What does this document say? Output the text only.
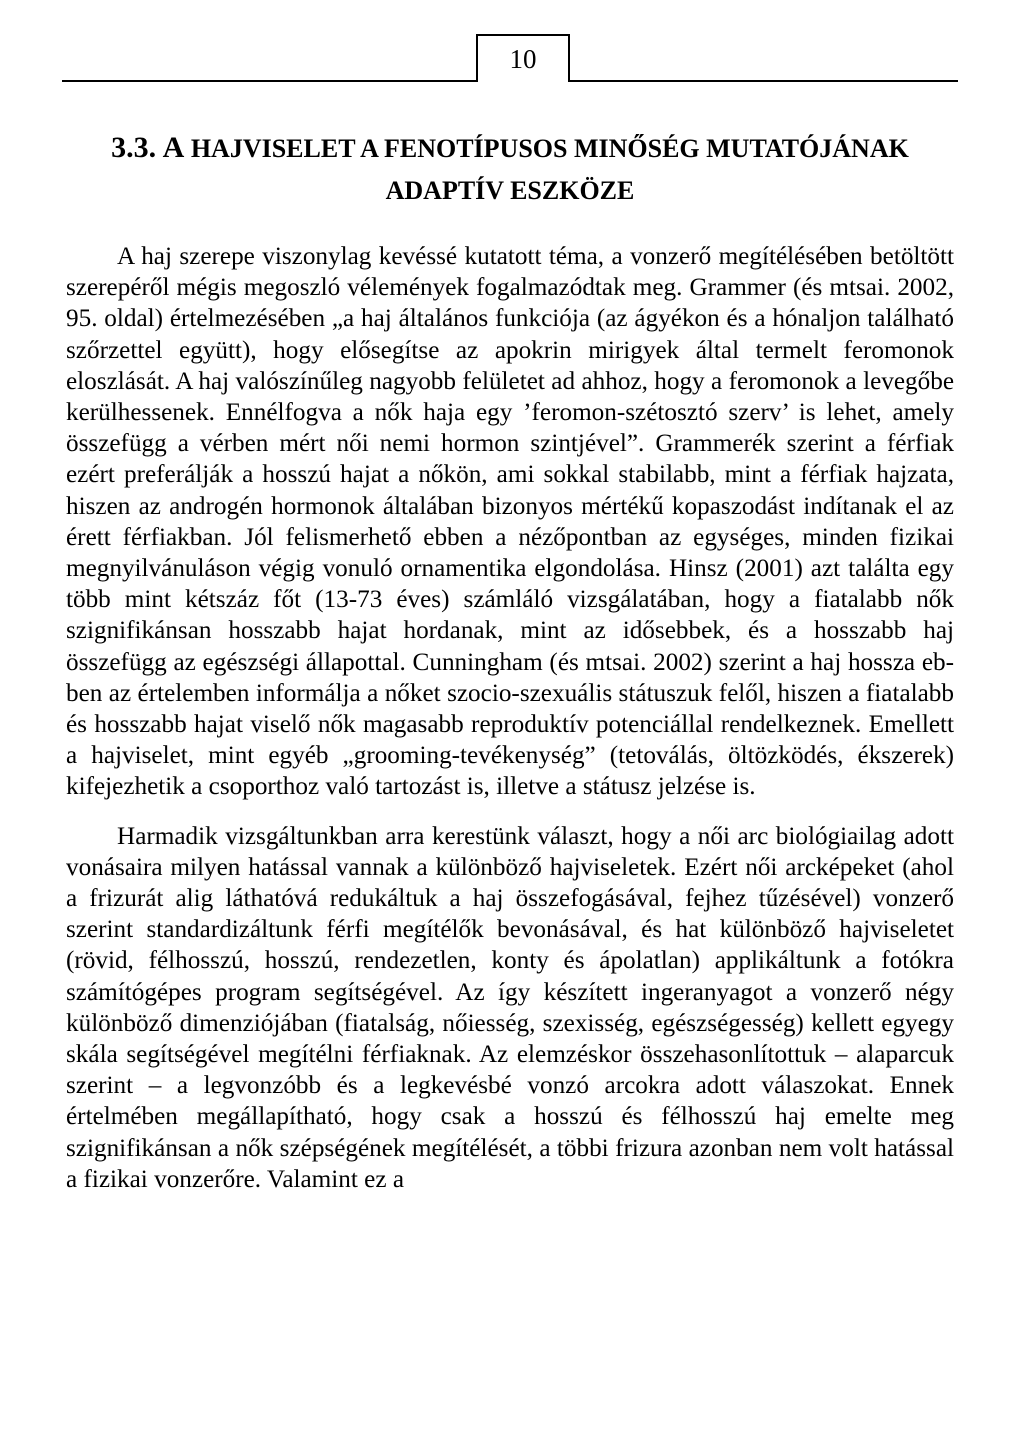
10
3.3. A HAJVISELET A FENOTÍPUSOS MINŐSÉG MUTATÓJÁNAK
ADAPTÍV ESZKÖZE

A haj szerepe viszonylag kevéssé kutatott téma, a vonzerő megítélésében betöltött szerepéről mégis megoszló vélemények fogalmazódtak meg. Grammer (és mtsai. 2002, 95. oldal) értelmezésében „a haj általános funkciója (az ágyékon és a hónaljon található szőrzettel együtt), hogy elősegítse az apokrin mirigyek által termelt feromonok eloszlását. A haj valószínűleg nagyobb felületet ad ahhoz, hogy a feromonok a levegőbe kerülhessenek. Ennélfogva a nők haja egy ’feromon-szétosztó szerv’ is lehet, amely összefügg a vérben mért női nemi hormon szintjével”. Grammerék szerint a férfiak ezért preferálják a hosszú hajat a nőkön, ami sokkal stabilabb, mint a férfiak hajzata, hiszen az androgén hormonok általában bizonyos mértékű kopaszodást indítanak el az érett férfiakban. Jól felismerhető ebben a nézőpontban az egységes, minden fizikai megnyilvánuláson végig vonuló ornamentika elgondolása. Hinsz (2001) azt találta egy több mint kétszáz főt (13-73 éves) számláló vizsgálatában, hogy a fiatalabb nők szignifikánsan hosszabb hajat hordanak, mint az idősebbek, és a hosszabb haj összefügg az egészségi állapottal. Cunningham (és mtsai. 2002) szerint a haj hossza ebben az értelemben informálja a nőket szocio-szexuális státuszuk felől, hiszen a fiatalabb és hosszabb hajat viselő nők magasabb reproduktív potenciállal rendelkeznek. Emellett a hajviselet, mint egyéb „grooming-tevékenység” (tetoválás, öltözködés, ékszerek) kifejezhetik a csoporthoz való tartozást is, illetve a státusz jelzése is.

Harmadik vizsgáltunkban arra kerestünk választ, hogy a női arc biológiailag adott vonásaira milyen hatással vannak a különböző hajviseletek. Ezért női arcképeket (ahol a frizurát alig láthatóvá redukáltuk a haj összefogásával, fejhez tűzésével) vonzerő szerint standardizáltunk férfi megítélők bevonásával, és hat különböző hajviseletet (rövid, félhosszú, hosszú, rendezetlen, konty és ápolatlan) applikáltunk a fotókra számítógépes program segítségével. Az így készített ingeranyagot a vonzerő négy különböző dimenziójában (fiatalság, nőiesség, szexisség, egészségesség) kellett egyegy skála segítségével megítélni férfiaknak. Az elemzéskor összehasonlítottuk – alaparcuk szerint – a legvonzóbb és a legkevésbé vonzó arcokra adott válaszokat. Ennek értelmében megállapítható, hogy csak a hosszú és félhosszú haj emelte meg szignifikánsan a nők szépségének megítélését, a többi frizura azonban nem volt hatással a fizikai vonzerőre. Valamint ez a
